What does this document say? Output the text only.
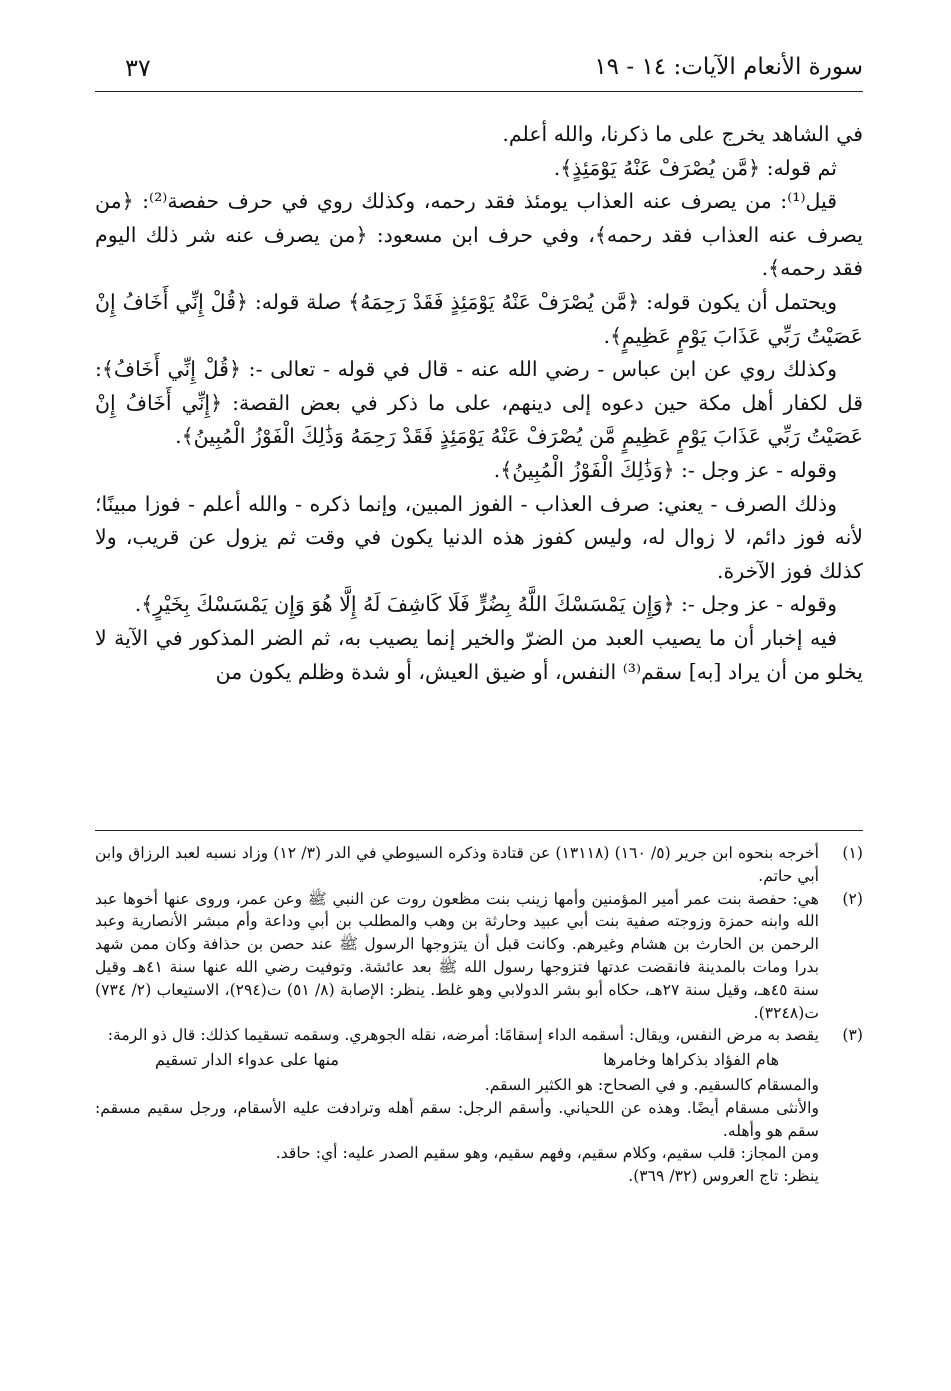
سورة الأنعام الآيات: ١٤ - ١٩
٣٧

في الشاهد يخرج على ما ذكرنا، والله أعلم.

ثم قوله: ﴿مَّن يُصْرَفْ عَنْهُ يَوْمَئِذٍ﴾.

قيل⁽¹⁾: من يصرف عنه العذاب يومئذ فقد رحمه، وكذلك روي في حرف حفصة⁽²⁾: ﴿من يصرف عنه العذاب فقد رحمه﴾، وفي حرف ابن مسعود: ﴿من يصرف عنه شر ذلك اليوم فقد رحمه﴾.

ويحتمل أن يكون قوله: ﴿مَّن يُصْرَفْ عَنْهُ يَوْمَئِذٍ فَقَدْ رَحِمَهُ﴾ صلة قوله: ﴿قُلْ إِنِّي أَخَافُ إِنْ عَصَيْتُ رَبِّي عَذَابَ يَوْمٍ عَظِيمٍ﴾.

وكذلك روي عن ابن عباس - رضي الله عنه - قال في قوله - تعالى -: ﴿قُلْ إِنِّي أَخَافُ﴾: قل لكفار أهل مكة حين دعوه إلى دينهم، على ما ذكر في بعض القصة: ﴿إِنِّي أَخَافُ إِنْ عَصَيْتُ رَبِّي عَذَابَ يَوْمٍ عَظِيمٍ مَّن يُصْرَفْ عَنْهُ يَوْمَئِذٍ فَقَدْ رَحِمَهُ وَذَٰلِكَ الْفَوْزُ الْمُبِينُ﴾.

وقوله - عز وجل -: ﴿وَذَٰلِكَ الْفَوْزُ الْمُبِينُ﴾.

وذلك الصرف - يعني: صرف العذاب - الفوز المبين، وإنما ذكره - والله أعلم - فوزا مبينًا؛ لأنه فوز دائم، لا زوال له، وليس كفوز هذه الدنيا يكون في وقت ثم يزول عن قريب، ولا كذلك فوز الآخرة.

وقوله - عز وجل -: ﴿وَإِن يَمْسَسْكَ اللَّهُ بِضُرٍّ فَلَا كَاشِفَ لَهُ إِلَّا هُوَ وَإِن يَمْسَسْكَ بِخَيْرٍ﴾.

فيه إخبار أن ما يصيب العبد من الضرّ والخير إنما يصيب به، ثم الضر المذكور في الآية لا يخلو من أن يراد [به] سقم⁽³⁾ النفس، أو ضيق العيش، أو شدة وظلم يكون من

(١)

أخرجه بنحوه ابن جرير (٥/ ١٦٠) (١٣١١٨) عن قتادة وذكره السيوطي في الدر (٣/ ١٢) وزاد نسبه لعبد الرزاق وابن أبي حاتم.

(٢)

هي: حفصة بنت عمر أمير المؤمنين وأمها زينب بنت مظعون روت عن النبي ﷺ وعن عمر، وروى عنها أخوها عبد الله وابنه حمزة وزوجته صفية بنت أبي عبيد وحارثة بن وهب والمطلب بن أبي وداعة وأم مبشر الأنصارية وعبد الرحمن بن الحارث بن هشام وغيرهم. وكانت قبل أن يتزوجها الرسول ﷺ عند حصن بن حذافة وكان ممن شهد بدرا ومات بالمدينة فانقضت عدتها فتزوجها رسول الله ﷺ بعد عائشة. وتوفيت رضي الله عنها سنة ٤١هـ وقيل سنة ٤٥هـ، وقيل سنة ٢٧هـ، حكاه أبو بشر الدولابي وهو غلط. ينظر: الإصابة (٨/ ٥١) ت(٢٩٤)، الاستيعاب (٢/ ٧٣٤) ت(٣٢٤٨).

(٣)

يقصد به مرض النفس، ويقال: أسقمه الداء إسقامًا: أمرضه، نقله الجوهري. وسقمه تسقيما كذلك: قال ذو الرمة:

هام الفؤاد بذكراها وخامرها
منها على عدواء الدار تسقيم

والمسقام كالسقيم. و في الصحاح: هو الكثير السقم.

والأنثى مسقام أيضًا. وهذه عن اللحياني. وأسقم الرجل: سقم أهله وترادفت عليه الأسقام، ورجل سقيم مسقم: سقم هو وأهله.

ومن المجاز: قلب سقيم، وكلام سقيم، وفهم سقيم، وهو سقيم الصدر عليه: أي: حاقد.

ينظر: تاج العروس (٣٢/ ٣٦٩).
